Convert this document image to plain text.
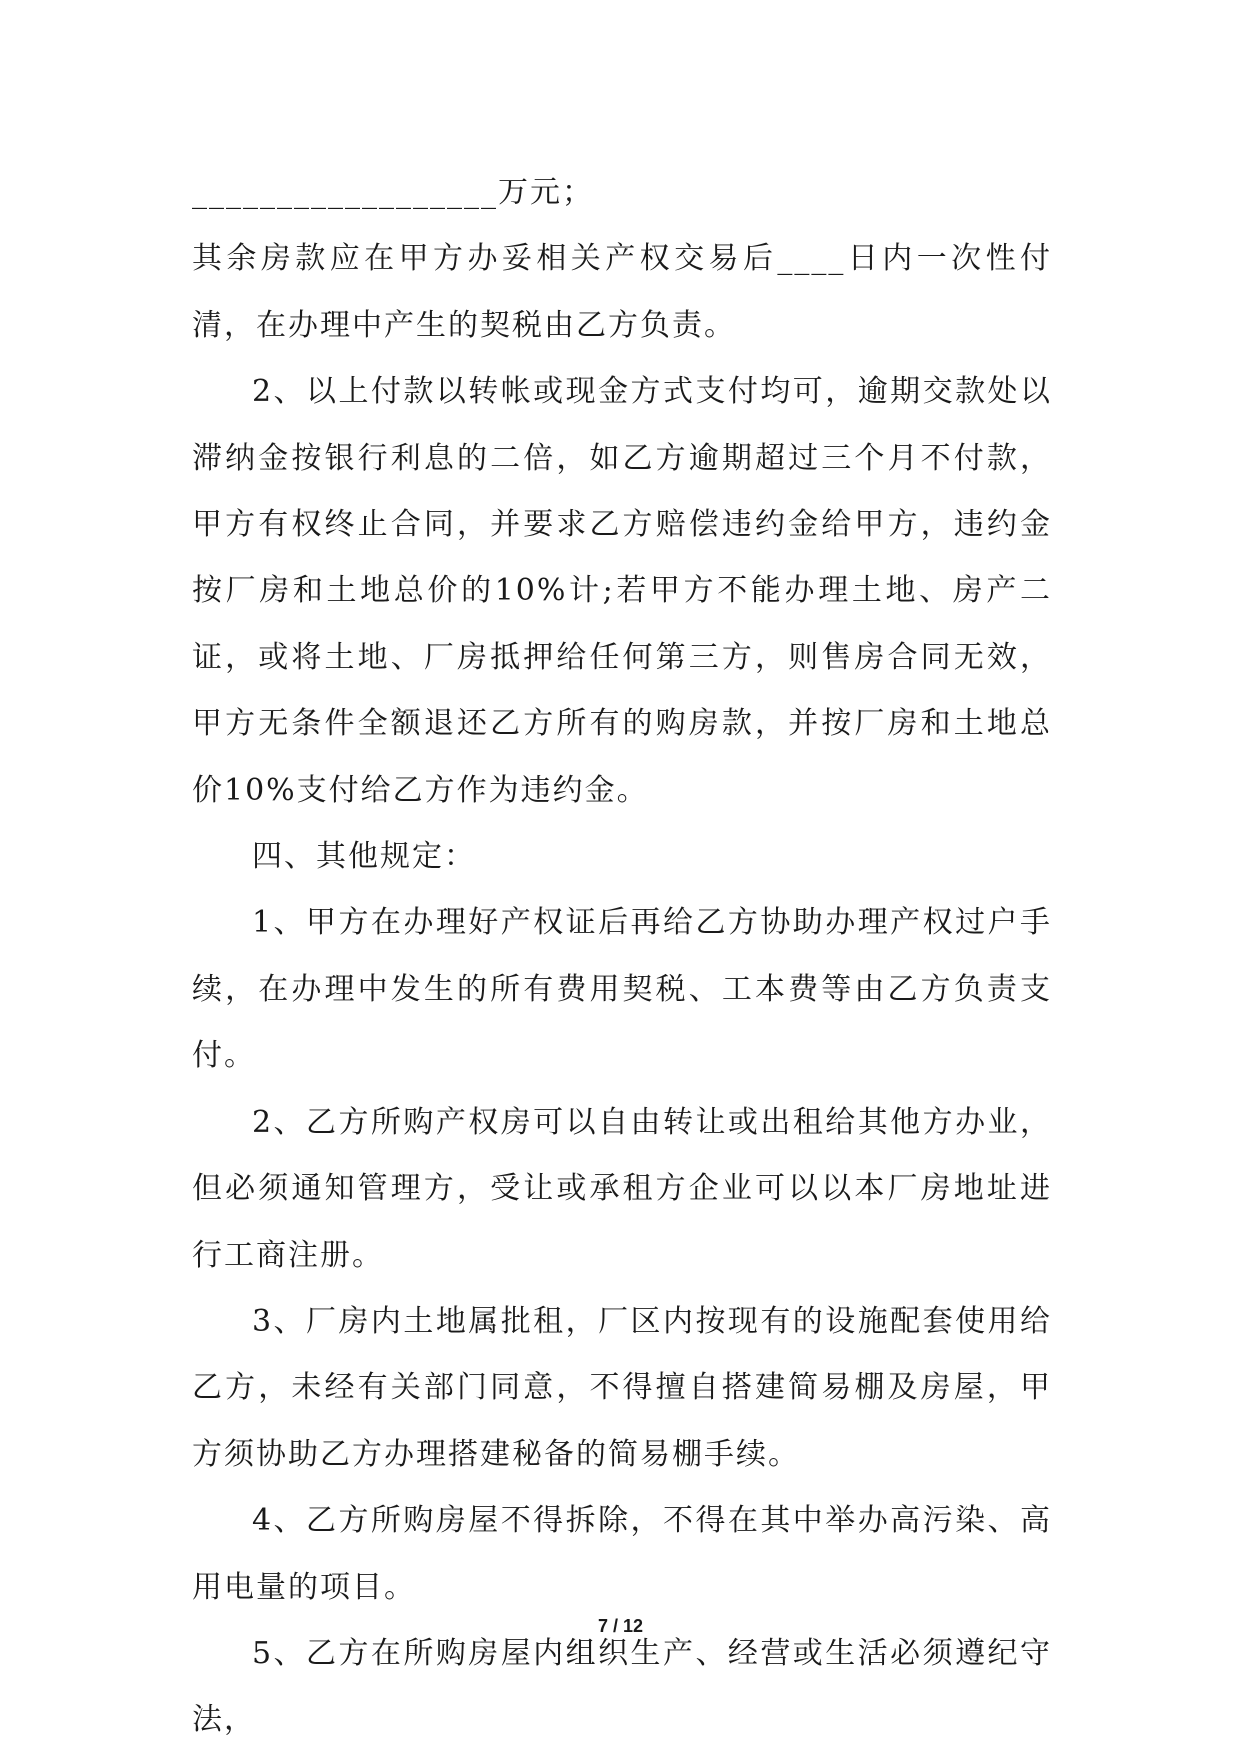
__________________万元；

其余房款应在甲方办妥相关产权交易后____日内一次性付清，在办理中产生的契税由乙方负责。

2、以上付款以转帐或现金方式支付均可，逾期交款处以滞纳金按银行利息的二倍，如乙方逾期超过三个月不付款，甲方有权终止合同，并要求乙方赔偿违约金给甲方，违约金按厂房和土地总价的10%计;若甲方不能办理土地、房产二证，或将土地、厂房抵押给任何第三方，则售房合同无效，甲方无条件全额退还乙方所有的购房款，并按厂房和土地总价10%支付给乙方作为违约金。

四、其他规定：

1、甲方在办理好产权证后再给乙方协助办理产权过户手续，在办理中发生的所有费用契税、工本费等由乙方负责支付。

2、乙方所购产权房可以自由转让或出租给其他方办业，但必须通知管理方，受让或承租方企业可以以本厂房地址进行工商注册。

3、厂房内土地属批租，厂区内按现有的设施配套使用给乙方，未经有关部门同意，不得擅自搭建简易棚及房屋，甲方须协助乙方办理搭建秘备的简易棚手续。

4、乙方所购房屋不得拆除，不得在其中举办高污染、高用电量的项目。

5、乙方在所购房屋内组织生产、经营或生活必须遵纪守法，

7 / 12
